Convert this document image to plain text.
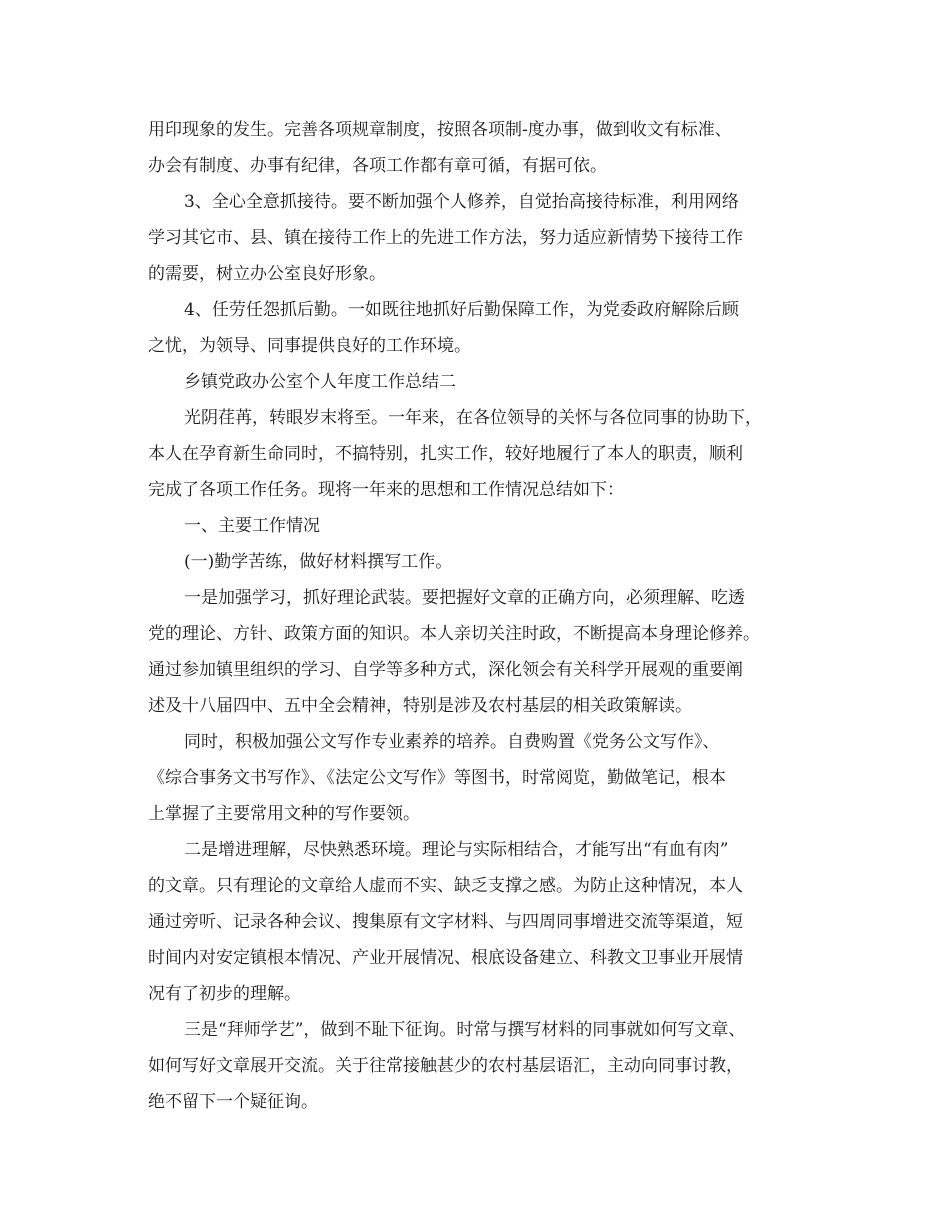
用印现象的发生。完善各项规章制度，按照各项制-度办事，做到收文有标准、

办会有制度、办事有纪律，各项工作都有章可循，有据可依。

3、全心全意抓接待。要不断加强个人修养，自觉抬高接待标准，利用网络

学习其它市、县、镇在接待工作上的先进工作方法，努力适应新情势下接待工作

的需要，树立办公室良好形象。

4、任劳任怨抓后勤。一如既往地抓好后勤保障工作，为党委政府解除后顾

之忧，为领导、同事提供良好的工作环境。

乡镇党政办公室个人年度工作总结二

光阴荏苒，转眼岁末将至。一年来，在各位领导的关怀与各位同事的协助下，

本人在孕育新生命同时，不搞特别，扎实工作，较好地履行了本人的职责，顺利

完成了各项工作任务。现将一年来的思想和工作情况总结如下：

一、主要工作情况

(一)勤学苦练，做好材料撰写工作。

一是加强学习，抓好理论武装。要把握好文章的正确方向，必须理解、吃透

党的理论、方针、政策方面的知识。本人亲切关注时政，不断提高本身理论修养。

通过参加镇里组织的学习、自学等多种方式，深化领会有关科学开展观的重要阐

述及十八届四中、五中全会精神，特别是涉及农村基层的相关政策解读。

同时，积极加强公文写作专业素养的培养。自费购置《党务公文写作》、

《综合事务文书写作》、《法定公文写作》等图书，时常阅览，勤做笔记，根本

上掌握了主要常用文种的写作要领。

二是增进理解，尽快熟悉环境。理论与实际相结合，才能写出“有血有肉”

的文章。只有理论的文章给人虚而不实、缺乏支撑之感。为防止这种情况，本人

通过旁听、记录各种会议、搜集原有文字材料、与四周同事增进交流等渠道，短

时间内对安定镇根本情况、产业开展情况、根底设备建立、科教文卫事业开展情

况有了初步的理解。

三是“拜师学艺”，做到不耻下征询。时常与撰写材料的同事就如何写文章、

如何写好文章展开交流。关于往常接触甚少的农村基层语汇，主动向同事讨教，

绝不留下一个疑征询。
